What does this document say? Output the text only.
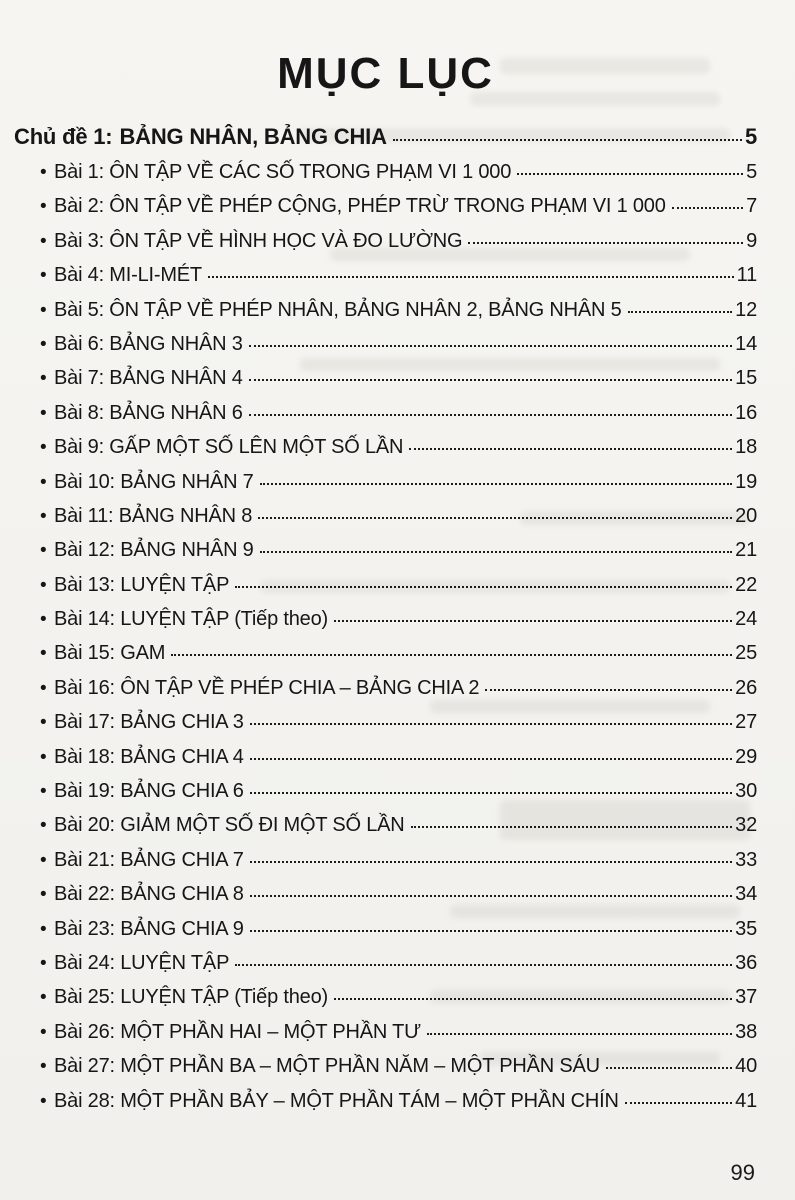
MỤC LỤC
Chủ đề 1: BẢNG NHÂN, BẢNG CHIA	5
• Bài 1: ÔN TẬP VỀ CÁC SỐ TRONG PHẠM VI 1 000	5
• Bài 2: ÔN TẬP VỀ PHÉP CỘNG, PHÉP TRỪ TRONG PHẠM VI 1 000	7
• Bài 3: ÔN TẬP VỀ HÌNH HỌC VÀ ĐO LƯỜNG	9
• Bài 4: MI-LI-MÉT	11
• Bài 5: ÔN TẬP VỀ PHÉP NHÂN, BẢNG NHÂN 2, BẢNG NHÂN 5	12
• Bài 6: BẢNG NHÂN 3	14
• Bài 7: BẢNG NHÂN 4	15
• Bài 8: BẢNG NHÂN 6	16
• Bài 9: GẤP MỘT SỐ LÊN MỘT SỐ LẦN	18
• Bài 10: BẢNG NHÂN 7	19
• Bài 11: BẢNG NHÂN 8	20
• Bài 12: BẢNG NHÂN 9	21
• Bài 13: LUYỆN TẬP	22
• Bài 14: LUYỆN TẬP (Tiếp theo)	24
• Bài 15: GAM	25
• Bài 16: ÔN TẬP VỀ PHÉP CHIA – BẢNG CHIA 2	26
• Bài 17: BẢNG CHIA 3	27
• Bài 18: BẢNG CHIA 4	29
• Bài 19: BẢNG CHIA 6	30
• Bài 20: GIẢM MỘT SỐ ĐI MỘT SỐ LẦN	32
• Bài 21: BẢNG CHIA 7	33
• Bài 22: BẢNG CHIA 8	34
• Bài 23: BẢNG CHIA 9	35
• Bài 24: LUYỆN TẬP	36
• Bài 25: LUYỆN TẬP (Tiếp theo)	37
• Bài 26: MỘT PHẦN HAI – MỘT PHẦN TƯ	38
• Bài 27: MỘT PHẦN BA – MỘT PHẦN NĂM – MỘT PHẦN SÁU	40
• Bài 28: MỘT PHẦN BẢY – MỘT PHẦN TÁM – MỘT PHẦN CHÍN	41
99
